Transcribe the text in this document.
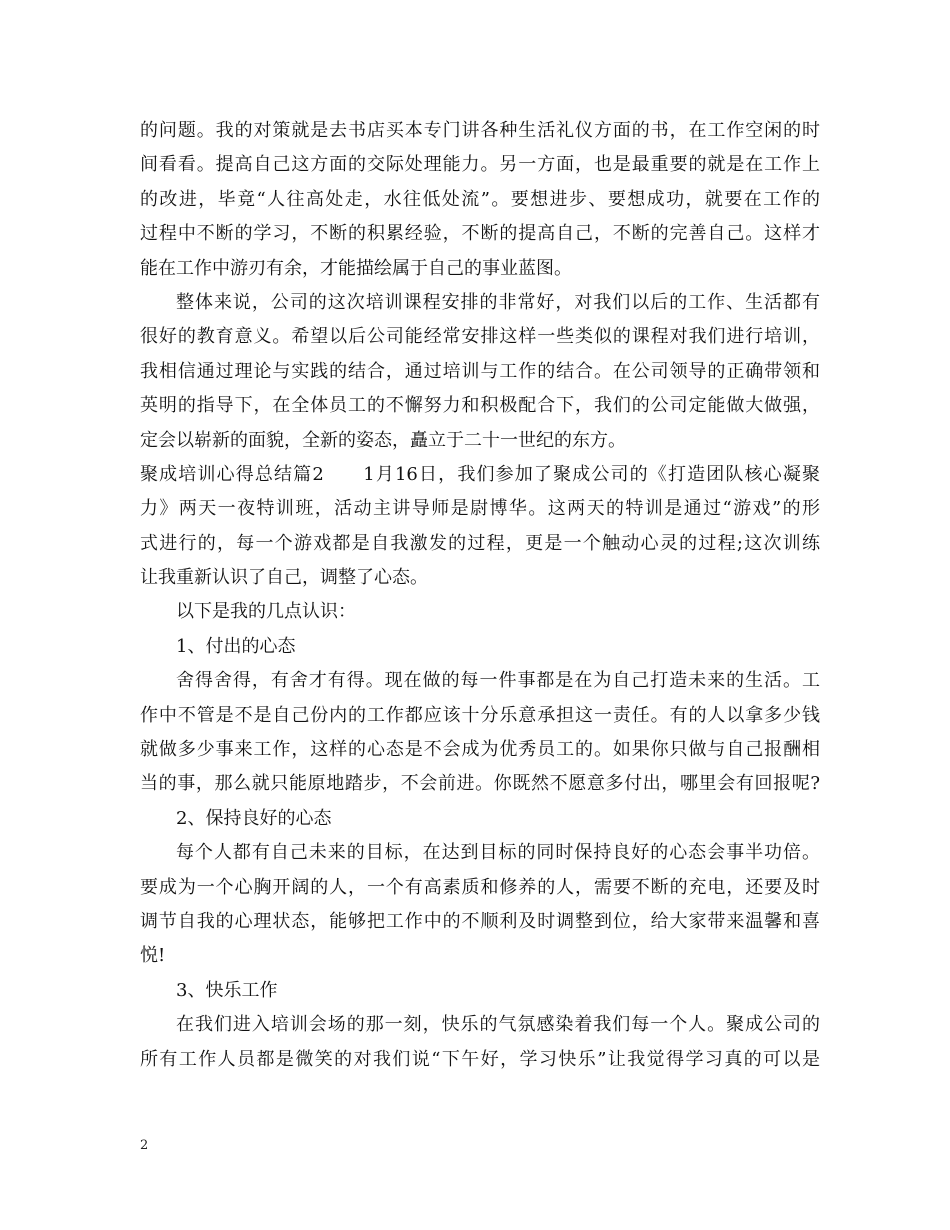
的问题。我的对策就是去书店买本专门讲各种生活礼仪方面的书，在工作空闲的时
间看看。提高自己这方面的交际处理能力。另一方面，也是最重要的就是在工作上
的改进，毕竟“人往高处走，水往低处流”。要想进步、要想成功，就要在工作的
过程中不断的学习，不断的积累经验，不断的提高自己，不断的完善自己。这样才
能在工作中游刃有余，才能描绘属于自己的事业蓝图。
整体来说，公司的这次培训课程安排的非常好，对我们以后的工作、生活都有
很好的教育意义。希望以后公司能经常安排这样一些类似的课程对我们进行培训，
我相信通过理论与实践的结合，通过培训与工作的结合。在公司领导的正确带领和
英明的指导下，在全体员工的不懈努力和积极配合下，我们的公司定能做大做强，
定会以崭新的面貌，全新的姿态，矗立于二十一世纪的东方。
聚成培训心得总结篇2　　1月16日，我们参加了聚成公司的《打造团队核心凝聚
力》两天一夜特训班，活动主讲导师是尉博华。这两天的特训是通过“游戏”的形
式进行的，每一个游戏都是自我激发的过程，更是一个触动心灵的过程;这次训练
让我重新认识了自己，调整了心态。
以下是我的几点认识：
1、付出的心态
舍得舍得，有舍才有得。现在做的每一件事都是在为自己打造未来的生活。工
作中不管是不是自己份内的工作都应该十分乐意承担这一责任。有的人以拿多少钱
就做多少事来工作，这样的心态是不会成为优秀员工的。如果你只做与自己报酬相
当的事，那么就只能原地踏步，不会前进。你既然不愿意多付出，哪里会有回报呢?
2、保持良好的心态
每个人都有自己未来的目标，在达到目标的同时保持良好的心态会事半功倍。
要成为一个心胸开阔的人，一个有高素质和修养的人，需要不断的充电，还要及时
调节自我的心理状态，能够把工作中的不顺利及时调整到位，给大家带来温馨和喜
悦!
3、快乐工作
在我们进入培训会场的那一刻，快乐的气氛感染着我们每一个人。聚成公司的
所有工作人员都是微笑的对我们说“下午好，学习快乐”让我觉得学习真的可以是
2
